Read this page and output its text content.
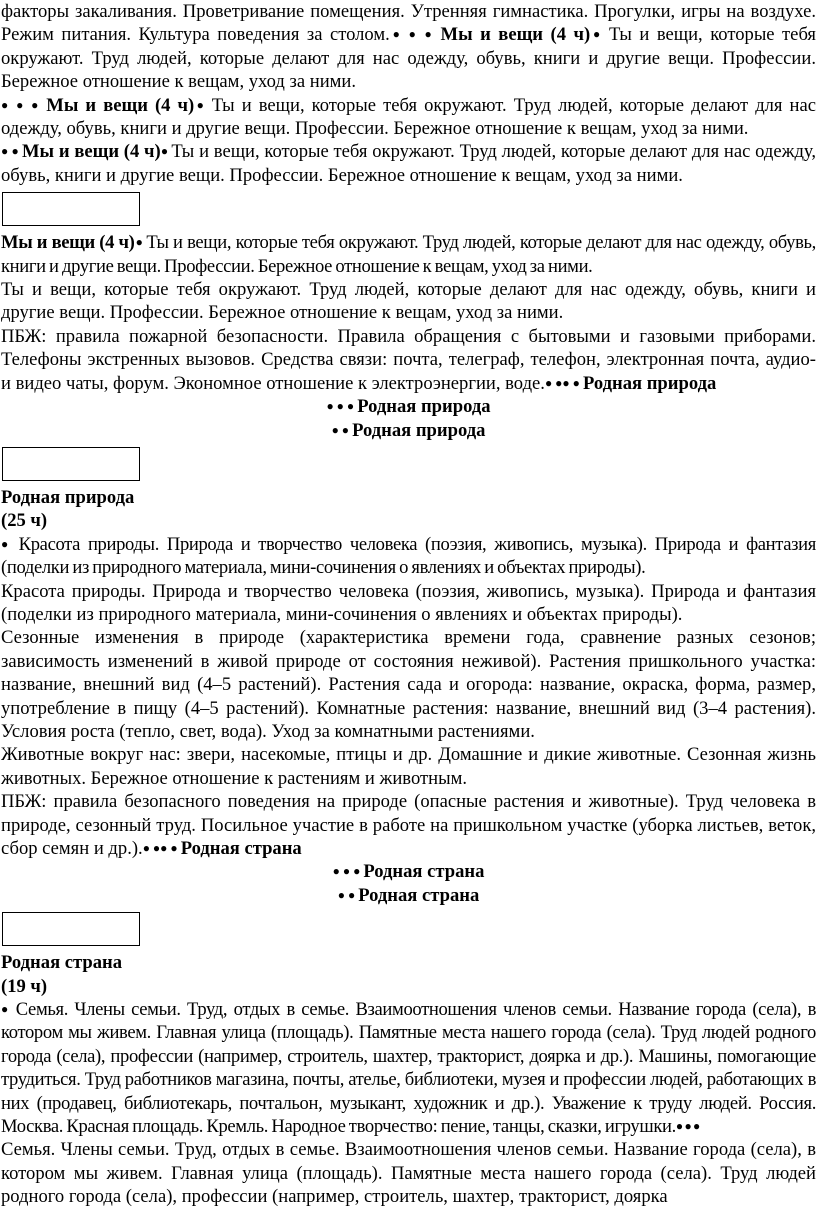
факторы закаливания. Проветривание помещения. Утренняя гимнастика. Прогулки, игры на воздухе. Режим питания. Культура поведения за столом.● ● ● Мы и вещи (4 ч)● Ты и вещи, которые тебя окружают. Труд людей, которые делают для нас одежду, обувь, книги и другие вещи. Профессии. Бережное отношение к вещам, уход за ними.

● ● ● Мы и вещи (4 ч)● Ты и вещи, которые тебя окружают. Труд людей, которые делают для нас одежду, обувь, книги и другие вещи. Профессии. Бережное отношение к вещам, уход за ними.

● ● Мы и вещи (4 ч)● Ты и вещи, которые тебя окружают. Труд людей, которые делают для нас одежду, обувь, книги и другие вещи. Профессии. Бережное отношение к вещам, уход за ними.

Мы и вещи (4 ч)● Ты и вещи, которые тебя окружают. Труд людей, которые делают для нас одежду, обувь, книги и другие вещи. Профессии. Бережное отношение к вещам, уход за ними.

Ты и вещи, которые тебя окружают. Труд людей, которые делают для нас одежду, обувь, книги и другие вещи. Профессии. Бережное отношение к вещам, уход за ними.

ПБЖ: правила пожарной безопасности. Правила обращения с бытовыми и газовыми приборами. Телефоны экстренных вызовов. Средства связи: почта, телеграф, телефон, электронная почта, аудио- и видео чаты, форум. Экономное отношение к электроэнергии, воде.● ●● ● Родная природа

● ● ● Родная природа

● ● Родная природа

Родная природа

(25 ч)

● Красота природы. Природа и творчество человека (поэзия, живопись, музыка). Природа и фантазия (поделки из природного материала, мини-сочинения о явлениях и объектах природы).

Красота природы. Природа и творчество человека (поэзия, живопись, музыка). Природа и фантазия (поделки из природного материала, мини-сочинения о явлениях и объектах природы).

Сезонные изменения в природе (характеристика времени года, сравнение разных сезонов; зависимость изменений в живой природе от состояния неживой). Растения пришкольного участка: название, внешний вид (4–5 растений). Растения сада и огорода: название, окраска, форма, размер, употребление в пищу (4–5 растений). Комнатные растения: название, внешний вид (3–4 растения). Условия роста (тепло, свет, вода). Уход за комнатными растениями.

Животные вокруг нас: звери, насекомые, птицы и др. Домашние и дикие животные. Сезонная жизнь животных. Бережное отношение к растениям и животным.

ПБЖ: правила безопасного поведения на природе (опасные растения и животные). Труд человека в природе, сезонный труд. Посильное участие в работе на пришкольном участке (уборка листьев, веток, сбор семян и др.).● ●● ● Родная страна

● ● ● Родная страна

● ● Родная страна

Родная страна

(19 ч)

● Семья. Члены семьи. Труд, отдых в семье. Взаимоотношения членов семьи. Название города (села), в котором мы живем. Главная улица (площадь). Памятные места нашего города (села). Труд людей родного города (села), профессии (например, строитель, шахтер, тракторист, доярка и др.). Машины, помогающие трудиться. Труд работников магазина, почты, ателье, библиотеки, музея и профессии людей, работающих в них (продавец, библиотекарь, почтальон, музыкант, художник и др.). Уважение к труду людей. Россия. Москва. Красная площадь. Кремль. Народное творчество: пение, танцы, сказки, игрушки.● ● ●

Семья. Члены семьи. Труд, отдых в семье. Взаимоотношения членов семьи. Название города (села), в котором мы живем. Главная улица (площадь). Памятные места нашего города (села). Труд людей родного города (села), профессии (например, строитель, шахтер, тракторист, доярка
